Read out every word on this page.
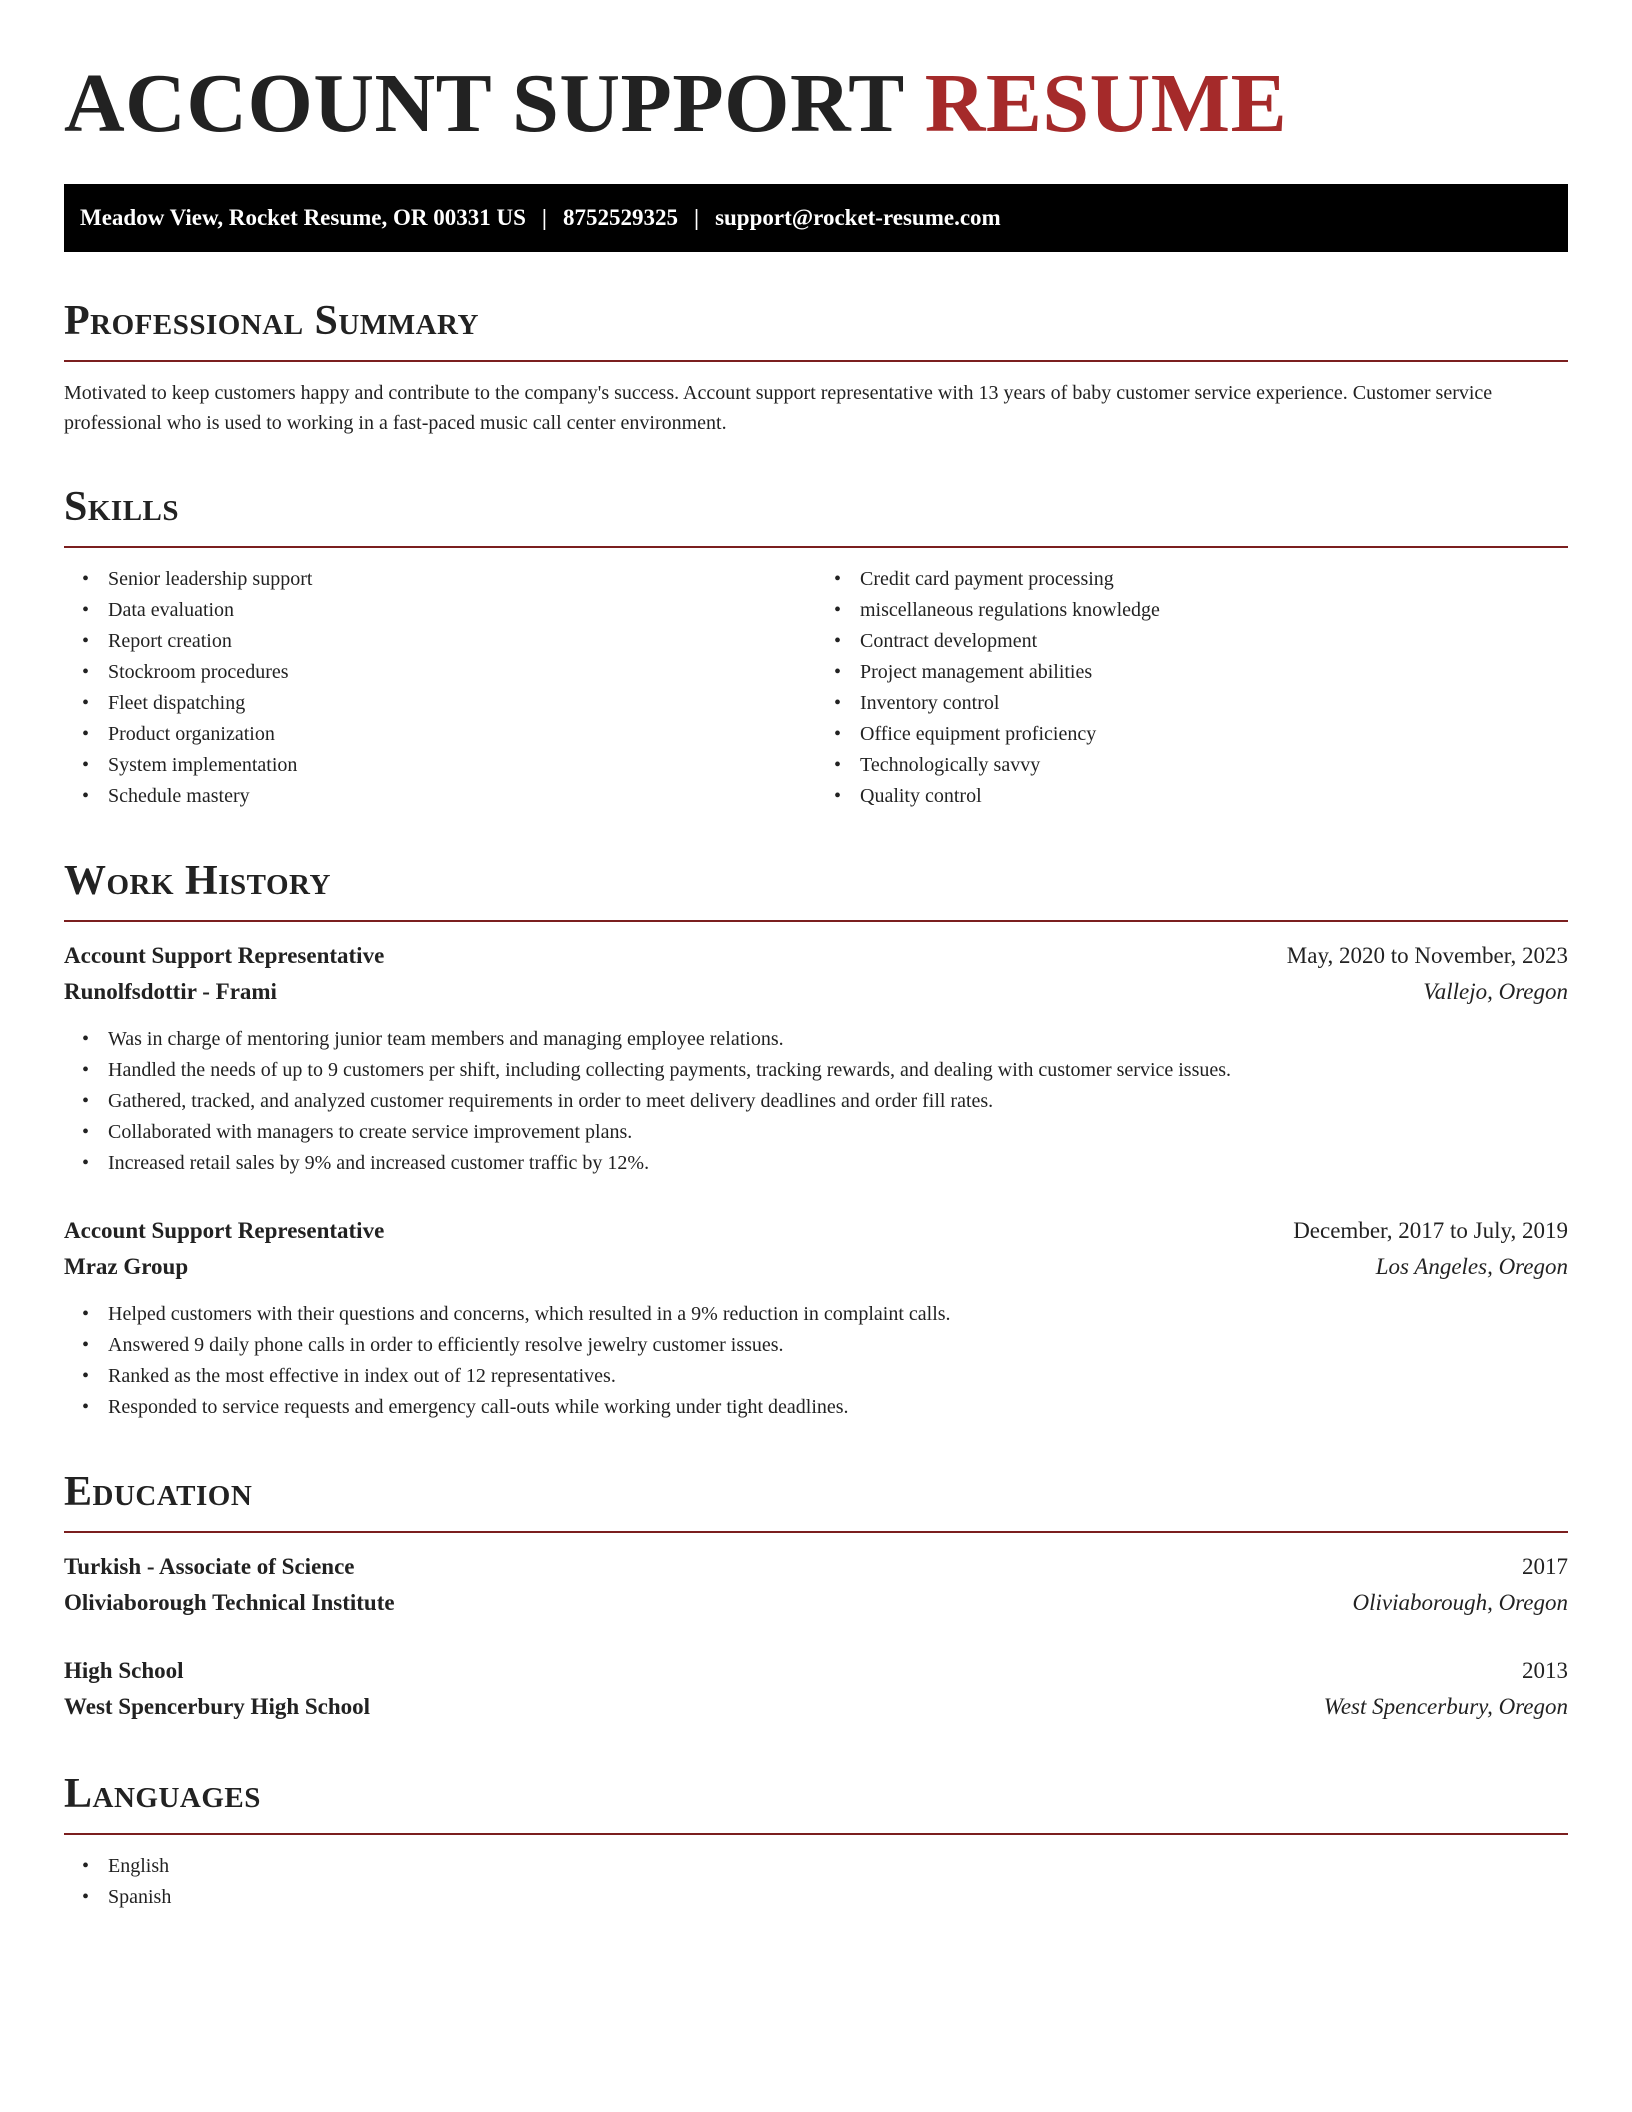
ACCOUNT SUPPORT RESUME
Meadow View, Rocket Resume, OR 00331 US | 8752529325 | support@rocket-resume.com
Professional Summary

Motivated to keep customers happy and contribute to the company's success. Account support representative with 13 years of baby customer service experience. Customer service professional who is used to working in a fast-paced music call center environment.

Skills
• Senior leadership support
• Data evaluation
• Report creation
• Stockroom procedures
• Fleet dispatching
• Product organization
• System implementation
• Schedule mastery
• Credit card payment processing
• miscellaneous regulations knowledge
• Contract development
• Project management abilities
• Inventory control
• Office equipment proficiency
• Technologically savvy
• Quality control
Work History
Account Support Representative	May, 2020 to November, 2023
Runolfsdottir - Frami	Vallejo, Oregon
• Was in charge of mentoring junior team members and managing employee relations.
• Handled the needs of up to 9 customers per shift, including collecting payments, tracking rewards, and dealing with customer service issues.
• Gathered, tracked, and analyzed customer requirements in order to meet delivery deadlines and order fill rates.
• Collaborated with managers to create service improvement plans.
• Increased retail sales by 9% and increased customer traffic by 12%.
Account Support Representative	December, 2017 to July, 2019
Mraz Group	Los Angeles, Oregon
• Helped customers with their questions and concerns, which resulted in a 9% reduction in complaint calls.
• Answered 9 daily phone calls in order to efficiently resolve jewelry customer issues.
• Ranked as the most effective in index out of 12 representatives.
• Responded to service requests and emergency call-outs while working under tight deadlines.
Education
Turkish - Associate of Science	2017
Oliviaborough Technical Institute	Oliviaborough, Oregon
High School	2013
West Spencerbury High School	West Spencerbury, Oregon
Languages
• English
• Spanish
